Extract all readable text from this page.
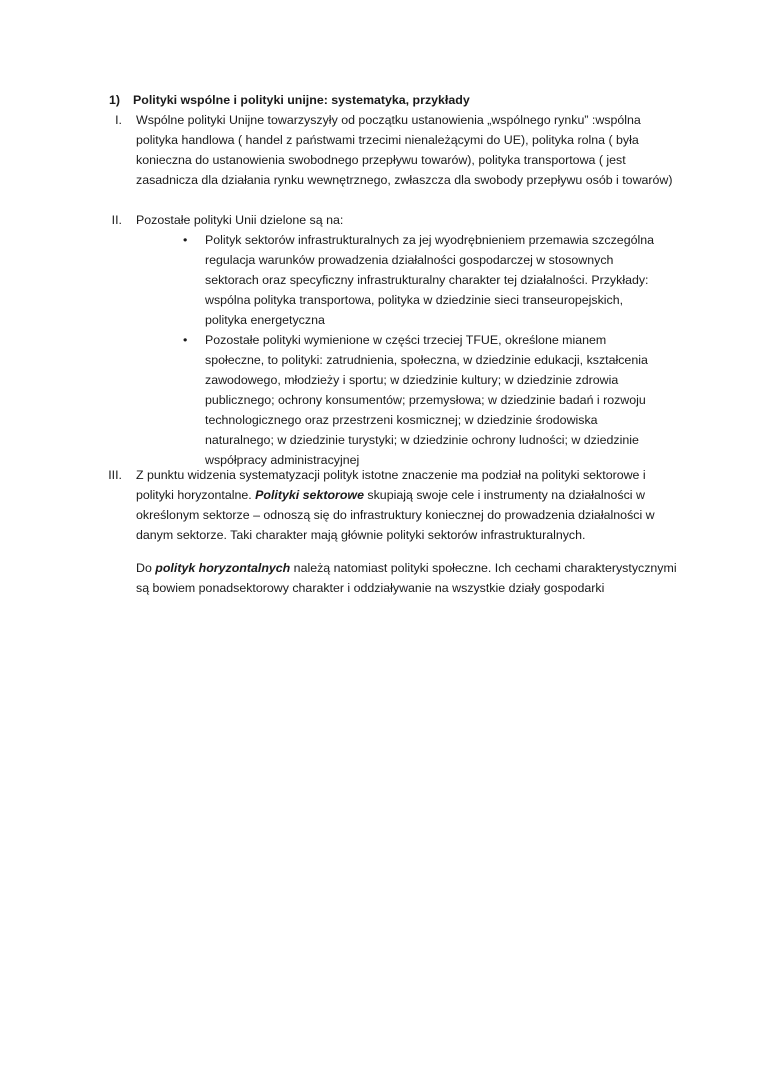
1) Polityki wspólne i polityki unijne: systematyka, przykłady
I. Wspólne polityki Unijne towarzyszyły od początku ustanowienia „wspólnego rynku” :wspólna polityka handlowa ( handel z państwami trzecimi nienależącymi do UE), polityka rolna ( była konieczna do ustanowienia swobodnego przepływu towarów), polityka transportowa ( jest zasadnicza dla działania rynku wewnętrznego, zwłaszcza dla swobody przepływu osób i towarów)
II. Pozostałe polityki Unii dzielone są na:
• Polityk sektorów infrastrukturalnych za jej wyodrębnieniem przemawia szczególna regulacja warunków prowadzenia działalności gospodarczej w stosownych sektorach oraz specyficzny infrastrukturalny charakter tej działalności. Przykłady: wspólna polityka transportowa, polityka w dziedzinie sieci transeuropejskich, polityka energetyczna
• Pozostałe polityki wymienione w części trzeciej TFUE, określone mianem społeczne, to polityki: zatrudnienia, społeczna, w dziedzinie edukacji, kształcenia zawodowego, młodzieży i sportu; w dziedzinie kultury; w dziedzinie zdrowia publicznego; ochrony konsumentów; przemysłowa; w dziedzinie badań i rozwoju technologicznego oraz przestrzeni kosmicznej; w dziedzinie środowiska naturalnego; w dziedzinie turystyki; w dziedzinie ochrony ludności; w dziedzinie współpracy administracyjnej
III. Z punktu widzenia systematyzacji polityk istotne znaczenie ma podział na polityki sektorowe i polityki horyzontalne. Polityki sektorowe skupiają swoje cele i instrumenty na działalności w określonym sektorze – odnoszą się do infrastruktury koniecznej do prowadzenia działalności w danym sektorze. Taki charakter mają głównie polityki sektorów infrastrukturalnych.
Do polityk horyzontalnych należą natomiast polityki społeczne. Ich cechami charakterystycznymi są bowiem ponadsektorowy charakter i oddziaływanie na wszystkie działy gospodarki
